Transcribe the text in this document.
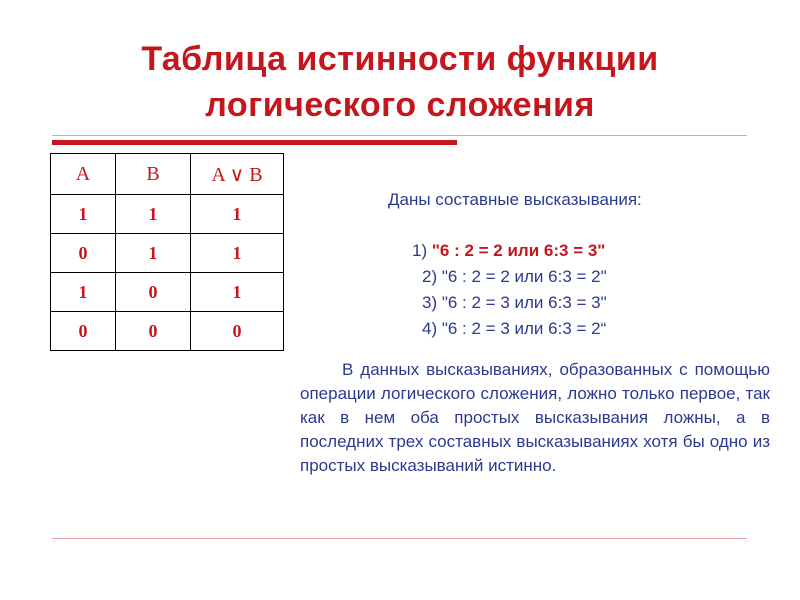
Таблица истинности функции
логического сложения
A	B	A ∨ B
1	1	1
0	1	1
1	0	1
0	0	0
Даны составные высказывания:
1) "6 : 2 = 2 или 6:3 = 3"
2) "6 : 2 = 2 или 6:3 = 2"
3) "6 : 2 = 3 или 6:3 = 3"
4) "6 : 2 = 3 или 6:3 = 2“
В данных высказываниях, образованных с помощью операции логического сложения, ложно только первое, так как в нем оба простых высказывания ложны, а в последних трех составных высказываниях хотя бы одно из простых высказываний истинно.
